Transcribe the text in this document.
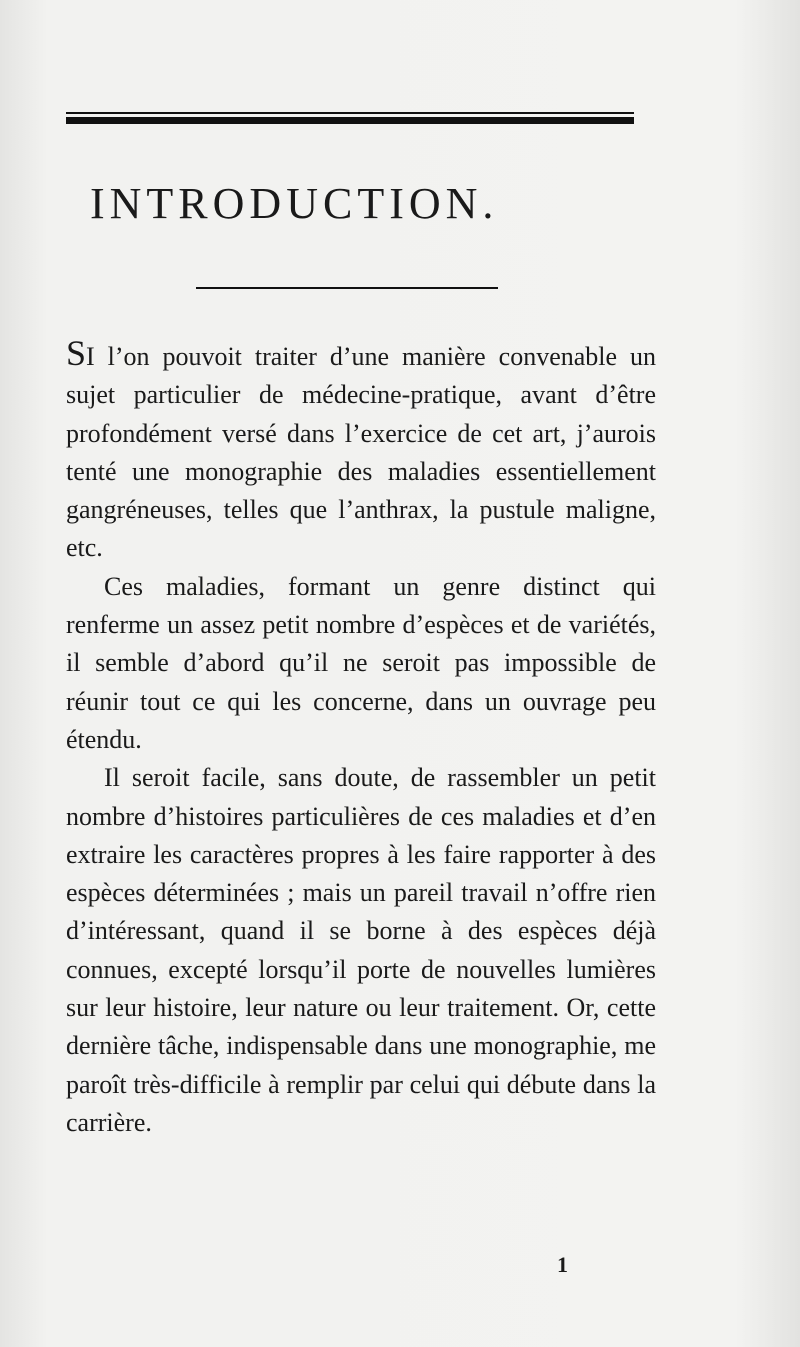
INTRODUCTION.

SI l’on pouvoit traiter d’une manière convenable un sujet particulier de médecine-pratique, avant d’être profondément versé dans l’exercice de cet art, j’aurois tenté une monographie des maladies essentiellement gangréneuses, telles que l’anthrax, la pustule maligne, etc.

Ces maladies, formant un genre distinct qui renferme un assez petit nombre d’espèces et de variétés, il semble d’abord qu’il ne seroit pas impossible de réunir tout ce qui les concerne, dans un ouvrage peu étendu.

Il seroit facile, sans doute, de rassembler un petit nombre d’histoires particulières de ces maladies et d’en extraire les caractères propres à les faire rapporter à des espèces déterminées ; mais un pareil travail n’offre rien d’intéressant, quand il se borne à des espèces déjà connues, excepté lorsqu’il porte de nouvelles lumières sur leur histoire, leur nature ou leur traitement. Or, cette dernière tâche, indispensable dans une monographie, me paroît très-difficile à remplir par celui qui débute dans la carrière.

1
